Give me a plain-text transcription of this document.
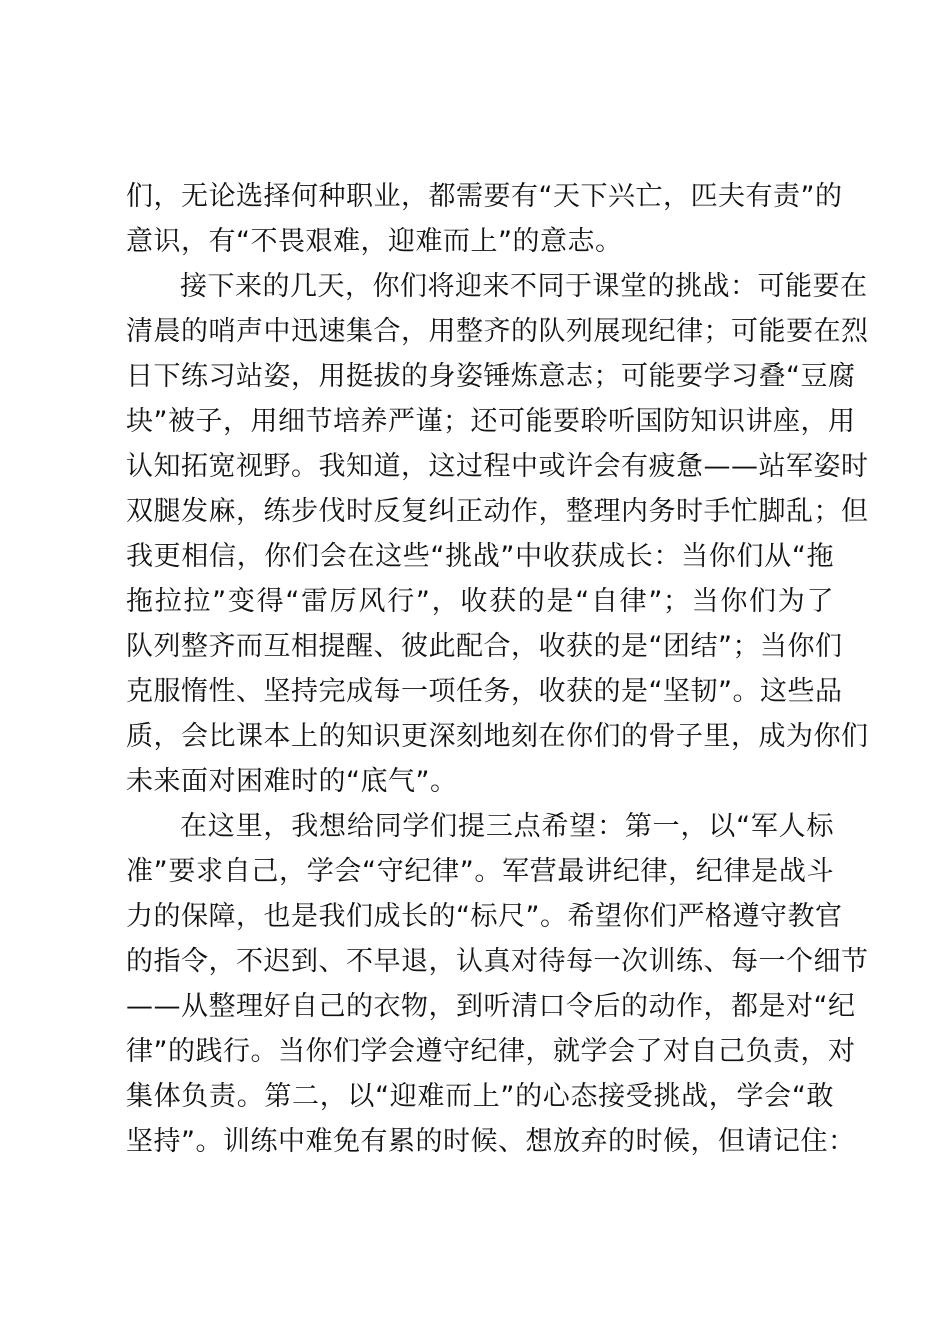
们，无论选择何种职业，都需要有“天下兴亡，匹夫有责”的
意识，有“不畏艰难，迎难而上”的意志。
接下来的几天，你们将迎来不同于课堂的挑战：可能要在
清晨的哨声中迅速集合，用整齐的队列展现纪律；可能要在烈
日下练习站姿，用挺拔的身姿锤炼意志；可能要学习叠“豆腐
块”被子，用细节培养严谨；还可能要聆听国防知识讲座，用
认知拓宽视野。我知道，这过程中或许会有疲惫——站军姿时
双腿发麻，练步伐时反复纠正动作，整理内务时手忙脚乱；但
我更相信，你们会在这些“挑战”中收获成长：当你们从“拖
拖拉拉”变得“雷厉风行”，收获的是“自律”；当你们为了
队列整齐而互相提醒、彼此配合，收获的是“团结”；当你们
克服惰性、坚持完成每一项任务，收获的是“坚韧”。这些品
质，会比课本上的知识更深刻地刻在你们的骨子里，成为你们
未来面对困难时的“底气”。
在这里，我想给同学们提三点希望：第一，以“军人标
准”要求自己，学会“守纪律”。军营最讲纪律，纪律是战斗
力的保障，也是我们成长的“标尺”。希望你们严格遵守教官
的指令，不迟到、不早退，认真对待每一次训练、每一个细节
——从整理好自己的衣物，到听清口令后的动作，都是对“纪
律”的践行。当你们学会遵守纪律，就学会了对自己负责，对
集体负责。第二，以“迎难而上”的心态接受挑战，学会“敢
坚持”。训练中难免有累的时候、想放弃的时候，但请记住：
